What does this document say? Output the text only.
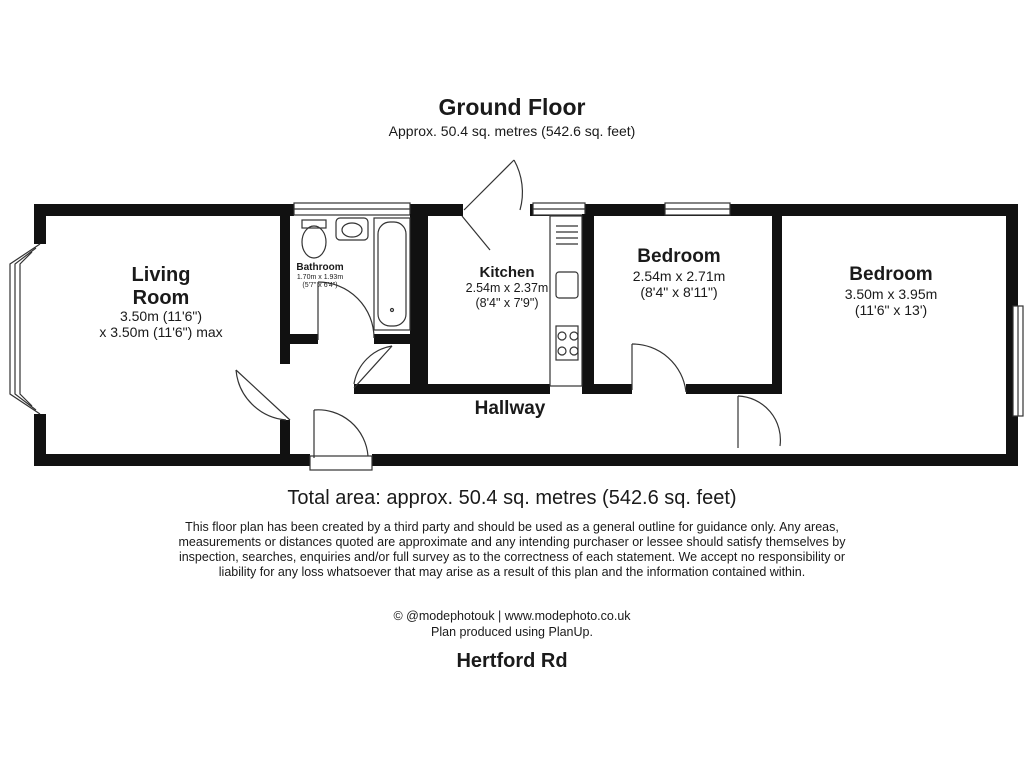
Ground Floor
Approx. 50.4 sq. metres (542.6 sq. feet)
Living
Room
3.50m (11'6")
x 3.50m (11'6") max
Bathroom
1.70m x 1.93m
(5'7" x 6'4")
Kitchen
2.54m x 2.37m
(8'4" x 7'9")
Bedroom
2.54m x 2.71m
(8'4" x 8'11")
Bedroom
3.50m x 3.95m
(11'6" x 13')
Hallway
Total area: approx. 50.4 sq. metres (542.6 sq. feet)
This floor plan has been created by a third party and should be used as a general outline for guidance only. Any areas, measurements or distances quoted are approximate and any intending purchaser or lessee should satisfy themselves by inspection, searches, enquiries and/or full survey as to the correctness of each statement. We accept no responsibility or liability for any loss whatsoever that may arise as a result of this plan and the information contained within.
© @modephotouk | www.modephoto.co.uk
Plan produced using PlanUp.
Hertford Rd
